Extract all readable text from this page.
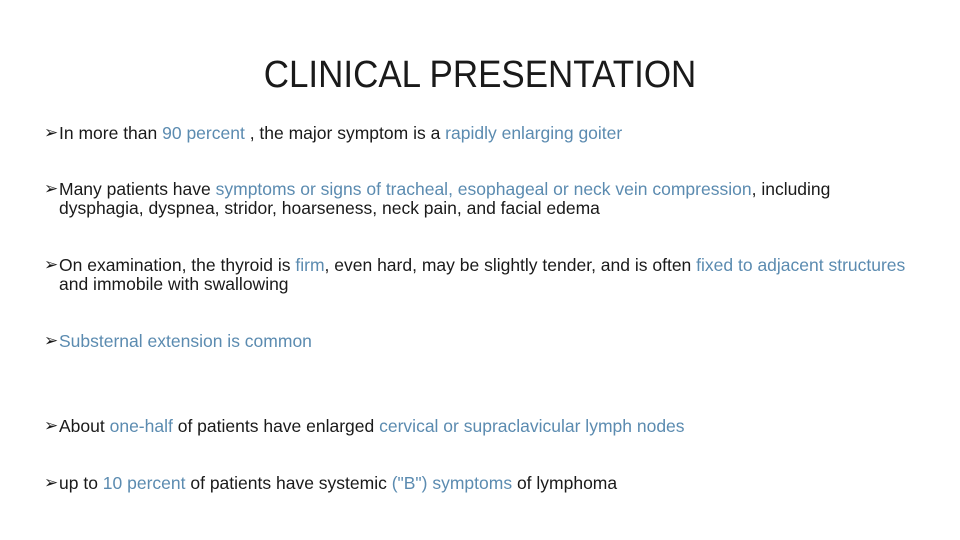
CLINICAL PRESENTATION
➢ In more than 90 percent , the major symptom is a rapidly enlarging goiter
➢ Many patients have symptoms or signs of tracheal, esophageal or neck vein compression, including dysphagia, dyspnea, stridor, hoarseness, neck pain, and facial edema
➢ On examination, the thyroid is firm, even hard, may be slightly tender, and is often fixed to adjacent structures and immobile with swallowing
➢ Substernal extension is common
➢ About one-half of patients have enlarged cervical or supraclavicular lymph nodes
➢ up to 10 percent of patients have systemic ("B") symptoms of lymphoma
